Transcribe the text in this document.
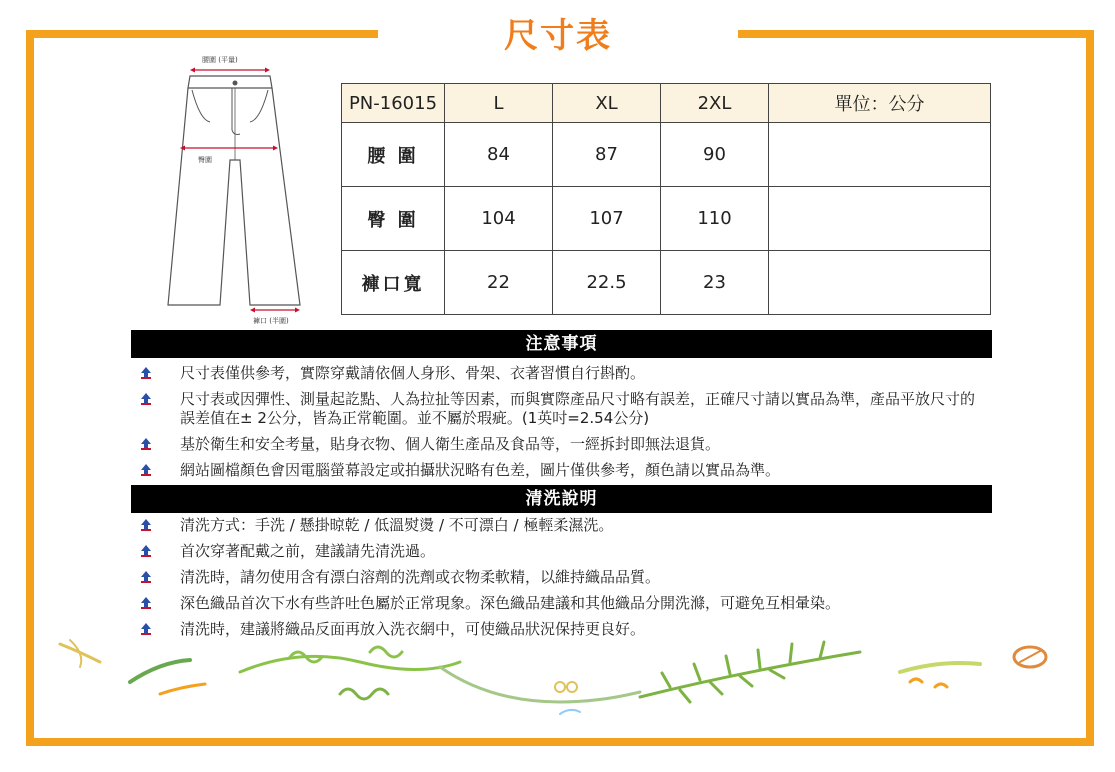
尺寸表
腰圍 (平量)
臀圍
褲口 (半圍)
PN-16015	L	XL	2XL	單位：公分
腰 圍	84	87	90	
臀 圍	104	107	110	
褲口寬	22	22.5	23	
注意事項
尺寸表僅供參考，實際穿戴請依個人身形、骨架、衣著習慣自行斟酌。
尺寸表或因彈性、測量起訖點、人為拉扯等因素，而與實際產品尺寸略有誤差，正確尺寸請以實品為準，產品平放尺寸的誤差值在± 2公分，皆為正常範圍。並不屬於瑕疵。(1英吋=2.54公分)
基於衛生和安全考量，貼身衣物、個人衛生產品及食品等，一經拆封即無法退貨。
網站圖檔顏色會因電腦螢幕設定或拍攝狀況略有色差，圖片僅供參考，顏色請以實品為準。
清洗說明
清洗方式：手洗 / 懸掛晾乾 / 低溫熨燙 / 不可漂白 / 極輕柔濕洗。
首次穿著配戴之前，建議請先清洗過。
清洗時，請勿使用含有漂白溶劑的洗劑或衣物柔軟精，以維持織品品質。
深色織品首次下水有些許吐色屬於正常現象。深色織品建議和其他織品分開洗滌，可避免互相暈染。
清洗時，建議將織品反面再放入洗衣網中，可使織品狀況保持更良好。
